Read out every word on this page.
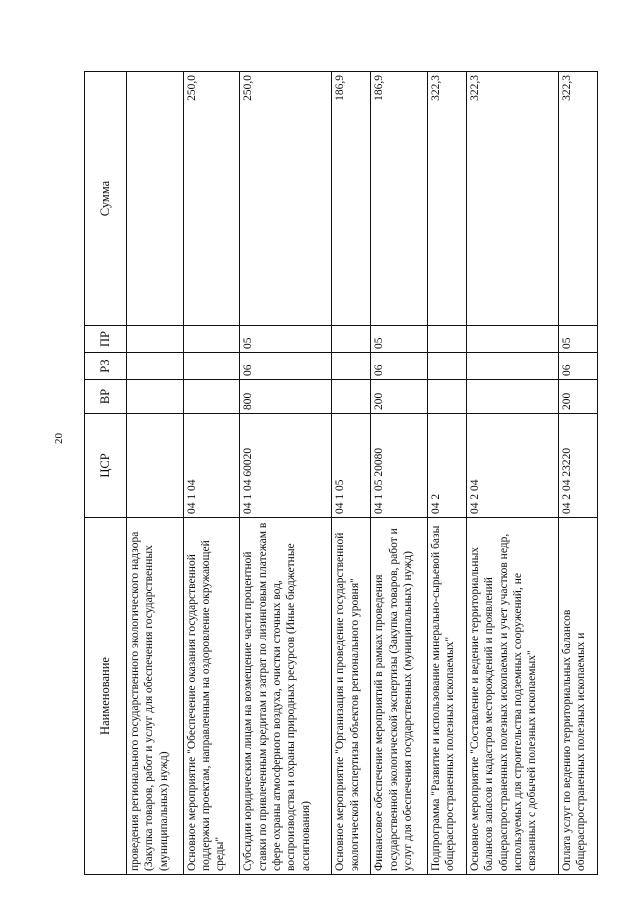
20
Наименование	ЦСР	ВР	РЗ	ПР	Сумма
проведения регионального государственного экологического надзора (Закупка товаров, работ и услуг для обеспечения государственных (муниципальных) нужд)					
Основное мероприятие "Обеспечение оказания государственной поддержки проектам, направленным на оздоровление окружающей среды"	04 1 04				250,0
Субсидии юридическим лицам на возмещение части процентной ставки по привлеченным кредитам и затрат по лизинговым платежам в сфере охраны атмосферного воздуха, очистки сточных вод, воспроизводства и охраны природных ресурсов (Иные бюджетные ассигнования)	04 1 04 60020	800	06	05	250,0
Основное мероприятие "Организация и проведение государственной экологической экспертизы объектов регионального уровня"	04 1 05				186,9
Финансовое обеспечение мероприятий в рамках проведения государственной экологической экспертизы (Закупка товаров, работ и услуг для обеспечения государственных (муниципальных) нужд)	04 1 05 20080	200	06	05	186,9
Подпрограмма "Развитие и использование минерально-сырьевой базы общераспространенных полезных ископаемых"	04 2				322,3
Основное мероприятие "Составление и ведение территориальных балансов запасов и кадастров месторождений и проявлений общераспространенных полезных ископаемых и учет участков недр, используемых для строительства подземных сооружений, не связанных с добычей полезных ископаемых"	04 2 04				322,3
Оплата услуг по ведению территориальных балансов общераспространенных полезных ископаемых и	04 2 04 23220	200	06	05	322,3
